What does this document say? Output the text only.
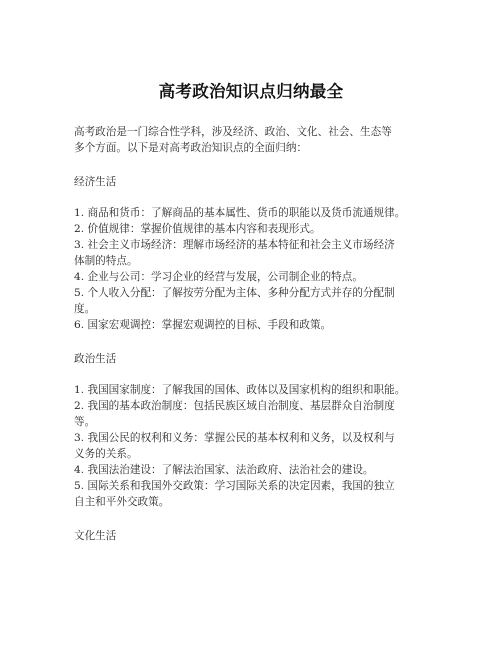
高考政治知识点归纳最全

高考政治是一门综合性学科，涉及经济、政治、文化、社会、生态等
多个方面。以下是对高考政治知识点的全面归纳：

经济生活

1. 商品和货币：了解商品的基本属性、货币的职能以及货币流通规律。
2. 价值规律：掌握价值规律的基本内容和表现形式。
3. 社会主义市场经济：理解市场经济的基本特征和社会主义市场经济
体制的特点。
4. 企业与公司：学习企业的经营与发展，公司制企业的特点。
5. 个人收入分配：了解按劳分配为主体、多种分配方式并存的分配制
度。
6. 国家宏观调控：掌握宏观调控的目标、手段和政策。

政治生活

1. 我国国家制度：了解我国的国体、政体以及国家机构的组织和职能。
2. 我国的基本政治制度：包括民族区域自治制度、基层群众自治制度
等。
3. 我国公民的权利和义务：掌握公民的基本权利和义务，以及权利与
义务的关系。
4. 我国法治建设：了解法治国家、法治政府、法治社会的建设。
5. 国际关系和我国外交政策：学习国际关系的决定因素，我国的独立
自主和平外交政策。

文化生活
